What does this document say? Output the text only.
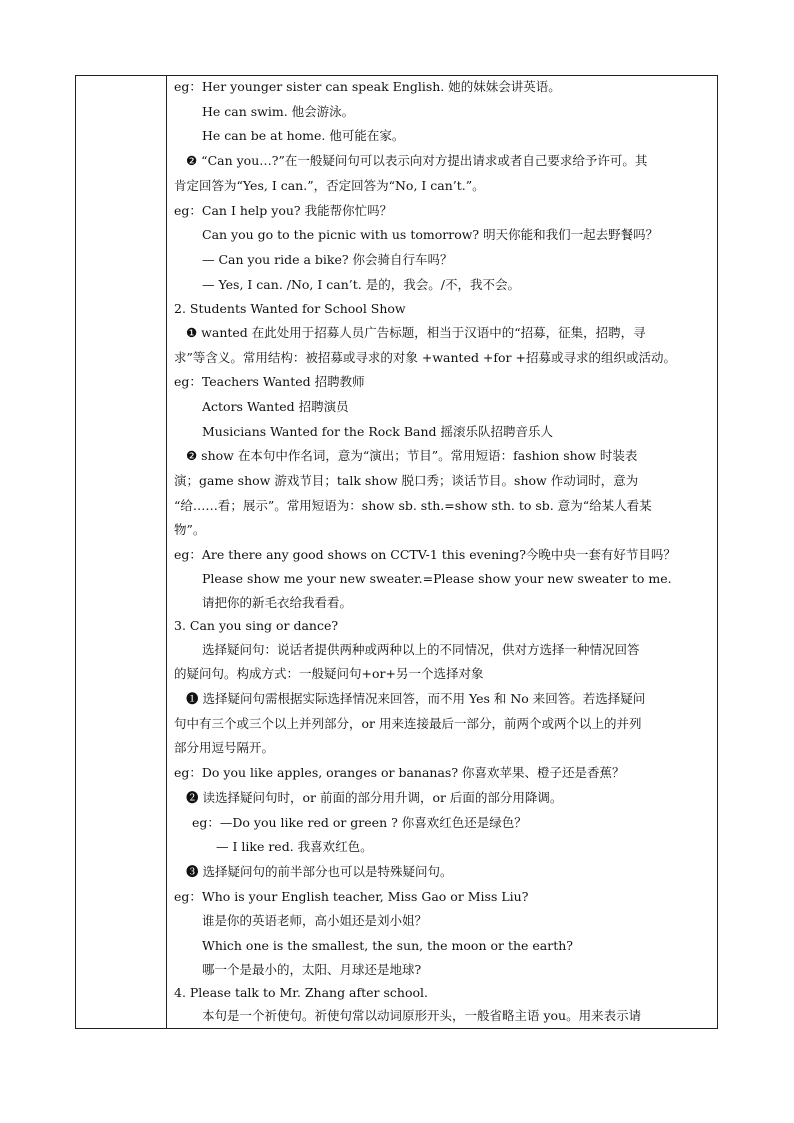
eg：Her younger sister can speak English. 她的妹妹会讲英语。
He can swim. 他会游泳。
He can be at home. 他可能在家。
❷ “Can you…?”在一般疑问句可以表示向对方提出请求或者自己要求给予许可。其
肯定回答为“Yes, I can.”，否定回答为“No, I can’t.”。
eg：Can I help you? 我能帮你忙吗？
Can you go to the picnic with us tomorrow? 明天你能和我们一起去野餐吗？
— Can you ride a bike? 你会骑自行车吗？
— Yes, I can. /No, I can’t. 是的，我会。/不，我不会。
2. Students Wanted for School Show
❶ wanted 在此处用于招募人员广告标题，相当于汉语中的“招募，征集，招聘，寻
求”等含义。常用结构：被招募或寻求的对象 +wanted +for +招募或寻求的组织或活动。
eg：Teachers Wanted 招聘教师
Actors Wanted 招聘演员
Musicians Wanted for the Rock Band 摇滚乐队招聘音乐人
❷ show 在本句中作名词，意为“演出；节目”。常用短语：fashion show 时装表
演；game show 游戏节目；talk show 脱口秀；谈话节目。show 作动词时，意为
“给……看；展示”。常用短语为：show sb. sth.=show sth. to sb. 意为“给某人看某
物”。
eg：Are there any good shows on CCTV-1 this evening?今晚中央一套有好节目吗？
Please show me your new sweater.=Please show your new sweater to me.
请把你的新毛衣给我看看。
3. Can you sing or dance?
选择疑问句：说话者提供两种或两种以上的不同情况，供对方选择一种情况回答
的疑问句。构成方式：一般疑问句+or+另一个选择对象
❶ 选择疑问句需根据实际选择情况来回答，而不用 Yes 和 No 来回答。若选择疑问
句中有三个或三个以上并列部分，or 用来连接最后一部分，前两个或两个以上的并列
部分用逗号隔开。
eg：Do you like apples, oranges or bananas? 你喜欢苹果、橙子还是香蕉？
❷ 读选择疑问句时，or 前面的部分用升调，or 后面的部分用降调。
eg：—Do you like red or green ? 你喜欢红色还是绿色？
— I like red. 我喜欢红色。
❸ 选择疑问句的前半部分也可以是特殊疑问句。
eg：Who is your English teacher, Miss Gao or Miss Liu?
谁是你的英语老师，高小姐还是刘小姐？
Which one is the smallest, the sun, the moon or the earth?
哪一个是最小的，太阳、月球还是地球?
4. Please talk to Mr. Zhang after school.
本句是一个祈使句。祈使句常以动词原形开头，一般省略主语 you。用来表示请
